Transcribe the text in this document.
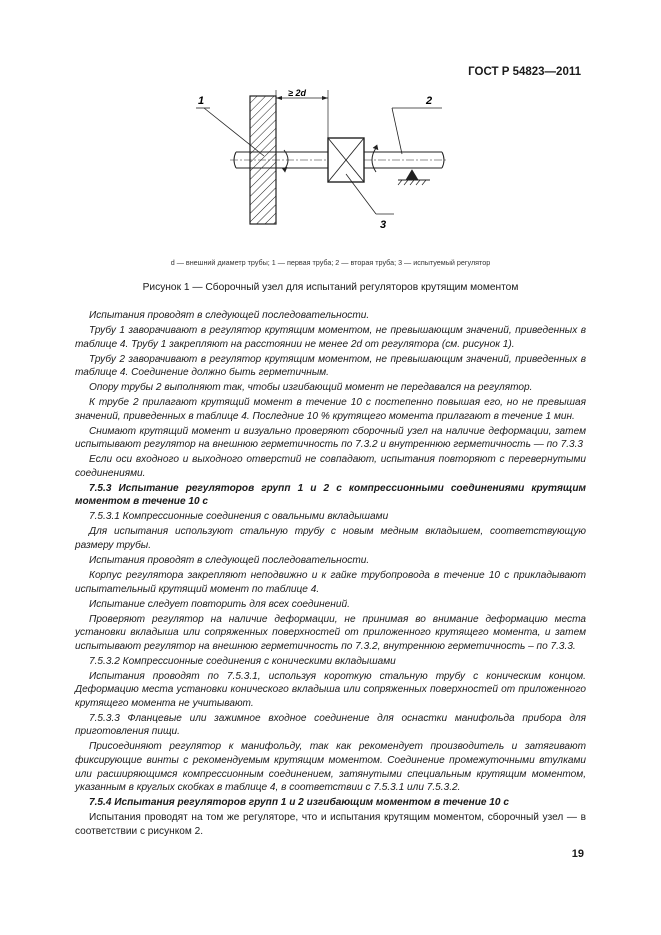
ГОСТ Р 54823—2011
≥ 2d
1	2
3
d — внешний диаметр трубы; 1 — первая труба; 2 — вторая труба; 3 — испытуемый регулятор
Рисунок 1 — Сборочный узел для испытаний регуляторов крутящим моментом

Испытания проводят в следующей последовательности.

Трубу 1 заворачивают в регулятор крутящим моментом, не превышающим значений, приведенных в таблице 4. Трубу 1 закрепляют на расстоянии не менее 2d от регулятора (см. рисунок 1).

Трубу 2 заворачивают в регулятор крутящим моментом, не превышающим значений, приведенных в таблице 4. Соединение должно быть герметичным.

Опору трубы 2 выполняют так, чтобы изгибающий момент не передавался на регулятор.

К трубе 2 прилагают крутящий момент в течение 10 с постепенно повышая его, но не превышая значений, приведенных в таблице 4. Последние 10 % крутящего момента прилагают в течение 1 мин.

Снимают крутящий момент и визуально проверяют сборочный узел на наличие деформации, затем испытывают регулятор на внешнюю герметичность по 7.3.2 и внутреннюю герметичность — по 7.3.3

Если оси входного и выходного отверстий не совпадают, испытания повторяют с перевернутыми соединениями.

7.5.3 Испытание регуляторов групп 1 и 2 с компрессионными соединениями крутящим моментом в течение 10 с

7.5.3.1 Компрессионные соединения с овальными вкладышами

Для испытания используют стальную трубу с новым медным вкладышем, соответствующую размеру трубы.

Испытания проводят в следующей последовательности.

Корпус регулятора закрепляют неподвижно и к гайке трубопровода в течение 10 с прикладывают испытательный крутящий момент по таблице 4.

Испытание следует повторить для всех соединений.

Проверяют регулятор на наличие деформации, не принимая во внимание деформацию места установки вкладыша или сопряженных поверхностей от приложенного крутящего момента, и затем испытывают регулятор на внешнюю герметичность по 7.3.2, внутреннюю герметичность – по 7.3.3.

7.5.3.2 Компрессионные соединения с коническими вкладышами

Испытания проводят по 7.5.3.1, используя короткую стальную трубу с коническим концом. Деформацию места установки конического вкладыша или сопряженных поверхностей от приложенного крутящего момента не учитывают.

7.5.3.3 Фланцевые или зажимное входное соединение для оснастки манифольда прибора для приготовления пищи.

Присоединяют регулятор к манифольду, так как рекомендует производитель и затягивают фиксирующие винты с рекомендуемым крутящим моментом. Соединение промежуточными втулками или расширяющимся компрессионным соединением, затянутыми специальным крутящим моментом, указанным в круглых скобках в таблице 4, в соответствии с 7.5.3.1 или 7.5.3.2.

7.5.4 Испытания регуляторов групп 1 и 2 изгибающим моментом в течение 10 с

Испытания проводят на том же регуляторе, что и испытания крутящим моментом, сборочный узел — в соответствии с рисунком 2.

19
